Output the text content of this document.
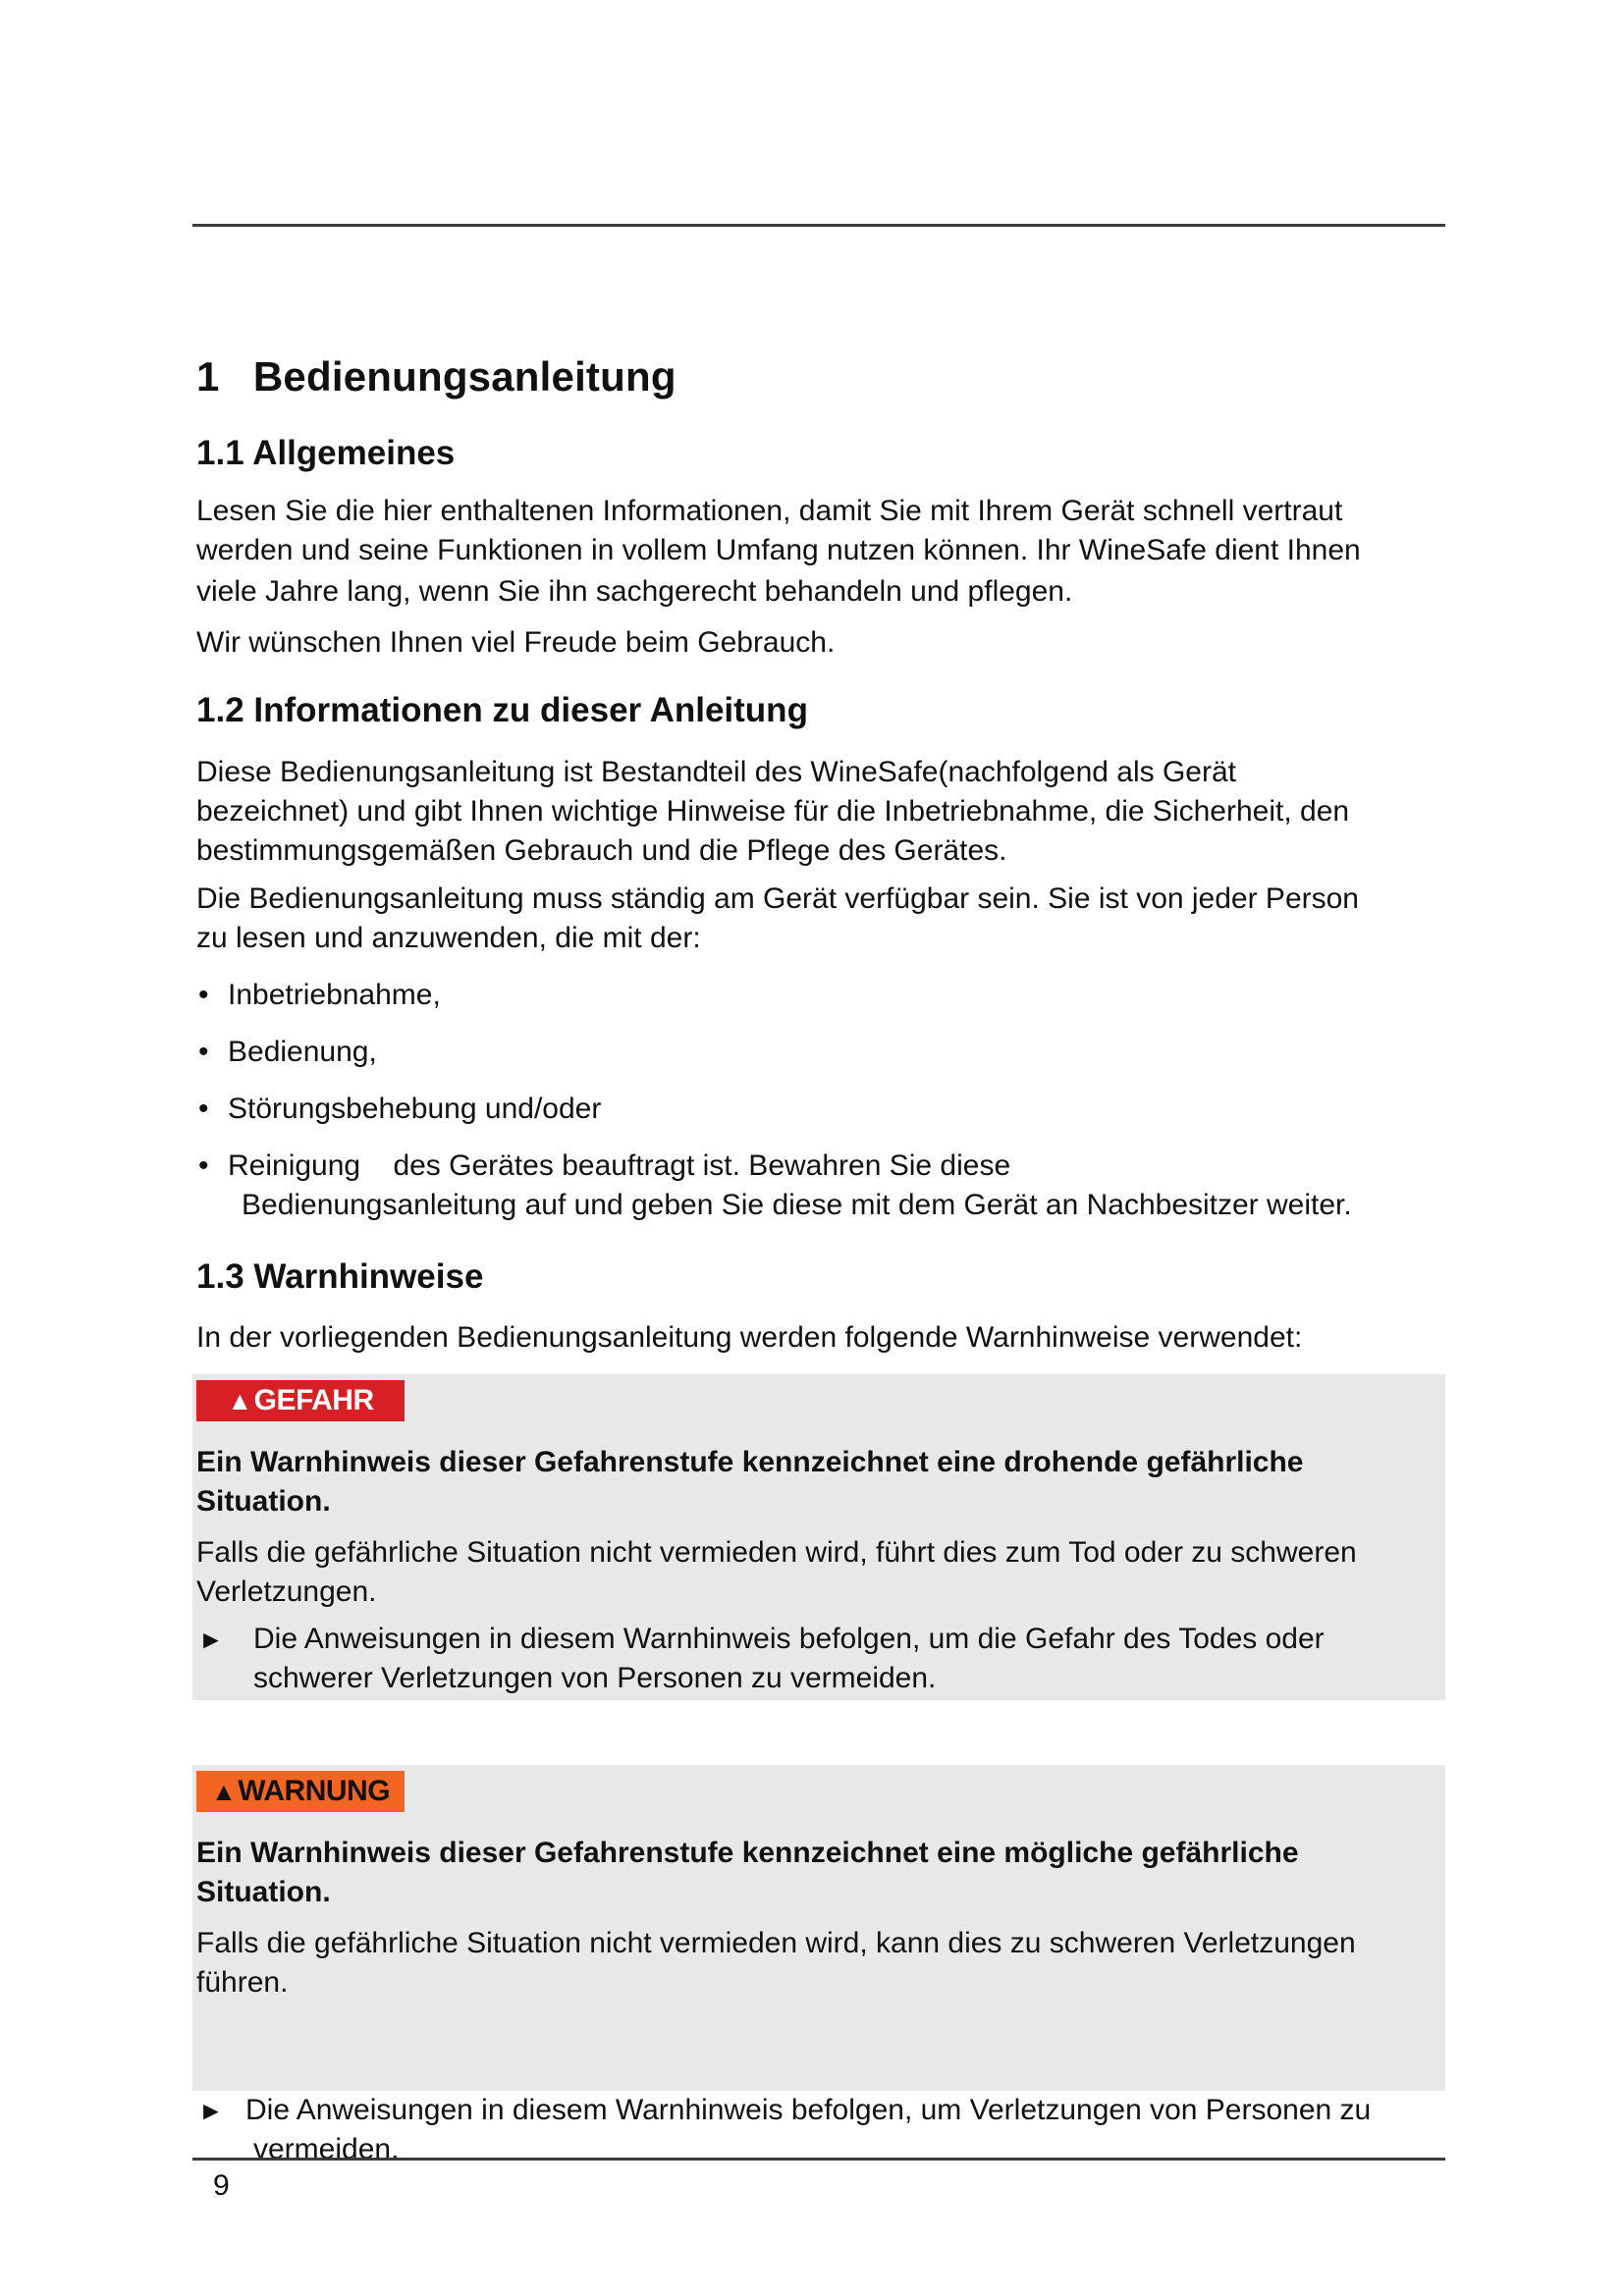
1 Bedienungsanleitung
1.1 Allgemeines
Lesen Sie die hier enthaltenen Informationen, damit Sie mit Ihrem Gerät schnell vertraut
werden und seine Funktionen in vollem Umfang nutzen können. Ihr WineSafe dient Ihnen
viele Jahre lang, wenn Sie ihn sachgerecht behandeln und pflegen.

Wir wünschen Ihnen viel Freude beim Gebrauch.

1.2 Informationen zu dieser Anleitung
Diese Bedienungsanleitung ist Bestandteil des WineSafe(nachfolgend als Gerät
bezeichnet) und gibt Ihnen wichtige Hinweise für die Inbetriebnahme, die Sicherheit, den
bestimmungsgemäßen Gebrauch und die Pflege des Gerätes.
Die Bedienungsanleitung muss ständig am Gerät verfügbar sein. Sie ist von jeder Person
zu lesen und anzuwenden, die mit der:
• Inbetriebnahme,
• Bedienung,
• Störungsbehebung und/oder
• Reinigung    des Gerätes beauftragt ist. Bewahren Sie diese
Bedienungsanleitung auf und geben Sie diese mit dem Gerät an Nachbesitzer weiter.
1.3 Warnhinweise

In der vorliegenden Bedienungsanleitung werden folgende Warnhinweise verwendet:

▲ GEFAHR
Ein Warnhinweis dieser Gefahrenstufe kennzeichnet eine drohende gefährliche
Situation.
Falls die gefährliche Situation nicht vermieden wird, führt dies zum Tod oder zu schweren
Verletzungen.
► Die Anweisungen in diesem Warnhinweis befolgen, um die Gefahr des Todes oder
schwerer Verletzungen von Personen zu vermeiden.
▲ WARNUNG
Ein Warnhinweis dieser Gefahrenstufe kennzeichnet eine mögliche gefährliche
Situation.
Falls die gefährliche Situation nicht vermieden wird, kann dies zu schweren Verletzungen
führen.
► Die Anweisungen in diesem Warnhinweis befolgen, um Verletzungen von Personen zu
vermeiden.
9
